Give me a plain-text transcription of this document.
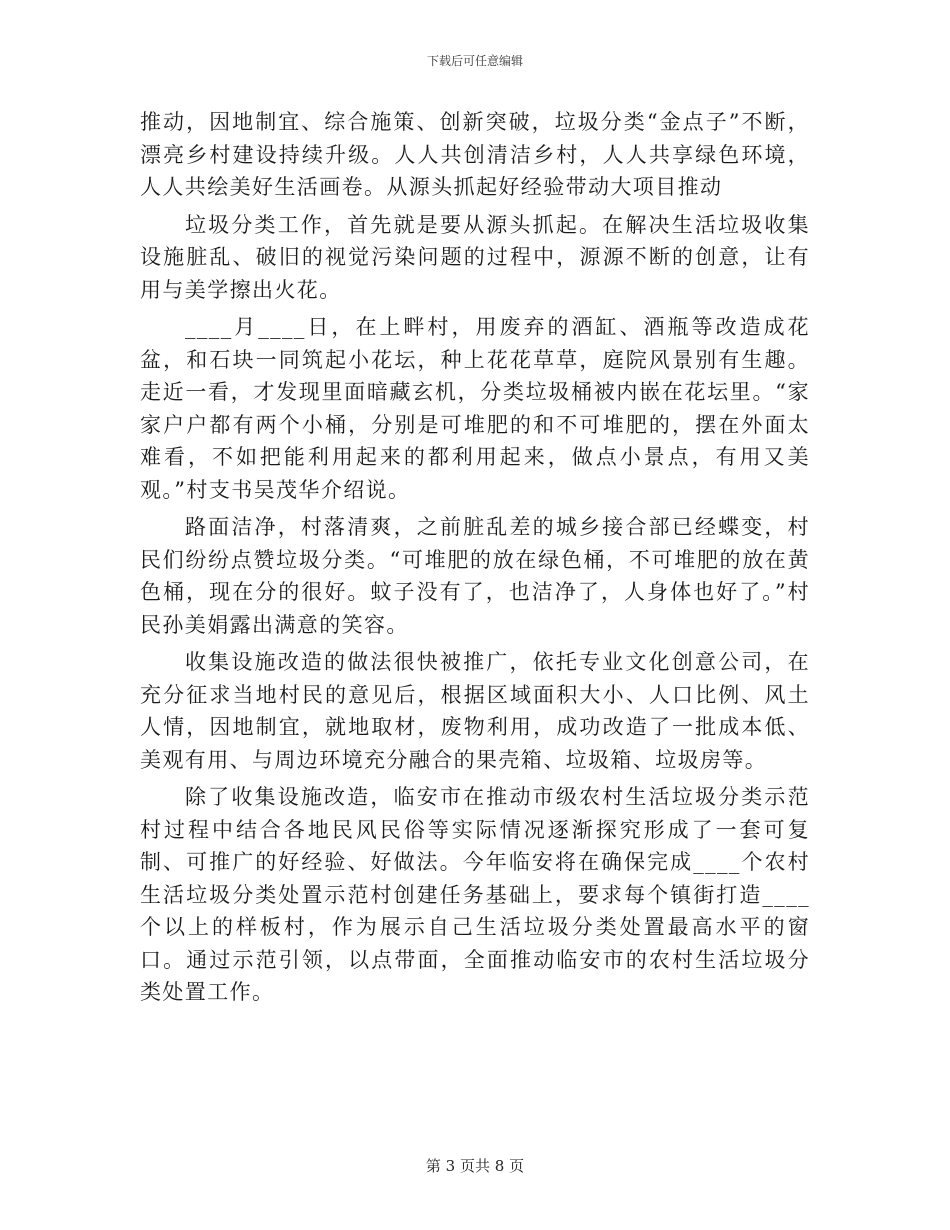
下载后可任意编辑

推动，因地制宜、综合施策、创新突破，垃圾分类“金点子”不断，漂亮乡村建设持续升级。人人共创清洁乡村，人人共享绿色环境，人人共绘美好生活画卷。从源头抓起好经验带动大项目推动

垃圾分类工作，首先就是要从源头抓起。在解决生活垃圾收集设施脏乱、破旧的视觉污染问题的过程中，源源不断的创意，让有用与美学擦出火花。

____月____日，在上畔村，用废弃的酒缸、酒瓶等改造成花盆，和石块一同筑起小花坛，种上花花草草，庭院风景别有生趣。走近一看，才发现里面暗藏玄机，分类垃圾桶被内嵌在花坛里。“家家户户都有两个小桶，分别是可堆肥的和不可堆肥的，摆在外面太难看，不如把能利用起来的都利用起来，做点小景点，有用又美观。”村支书吴茂华介绍说。

路面洁净，村落清爽，之前脏乱差的城乡接合部已经蝶变，村民们纷纷点赞垃圾分类。“可堆肥的放在绿色桶，不可堆肥的放在黄色桶，现在分的很好。蚊子没有了，也洁净了，人身体也好了。”村民孙美娟露出满意的笑容。

收集设施改造的做法很快被推广，依托专业文化创意公司，在充分征求当地村民的意见后，根据区域面积大小、人口比例、风土人情，因地制宜，就地取材，废物利用，成功改造了一批成本低、美观有用、与周边环境充分融合的果壳箱、垃圾箱、垃圾房等。

除了收集设施改造，临安市在推动市级农村生活垃圾分类示范村过程中结合各地民风民俗等实际情况逐渐探究形成了一套可复制、可推广的好经验、好做法。今年临安将在确保完成____个农村生活垃圾分类处置示范村创建任务基础上，要求每个镇街打造____个以上的样板村，作为展示自己生活垃圾分类处置最高水平的窗口。通过示范引领，以点带面，全面推动临安市的农村生活垃圾分类处置工作。

第 3 页共 8 页
